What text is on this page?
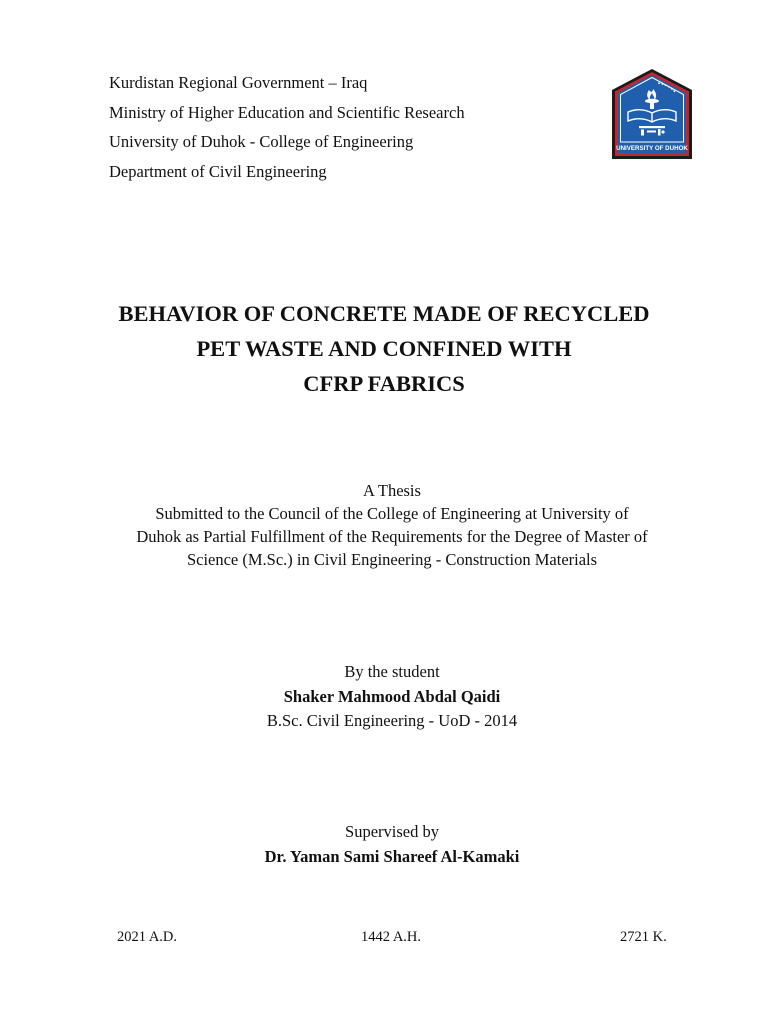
Kurdistan Regional Government – Iraq
Ministry of Higher Education and Scientific Research
University of Duhok - College of Engineering
Department of Civil Engineering
UNIVERSITY OF DUHOK
BEHAVIOR OF CONCRETE MADE OF RECYCLED
PET WASTE AND CONFINED WITH
CFRP FABRICS
A Thesis
Submitted to the Council of the College of Engineering at University of
Duhok as Partial Fulfillment of the Requirements for the Degree of Master of
Science (M.Sc.) in Civil Engineering - Construction Materials
By the student
Shaker Mahmood Abdal Qaidi
B.Sc. Civil Engineering - UoD - 2014
Supervised by
Dr. Yaman Sami Shareef Al-Kamaki
2021 A.D.	1442 A.H.	2721 K.
